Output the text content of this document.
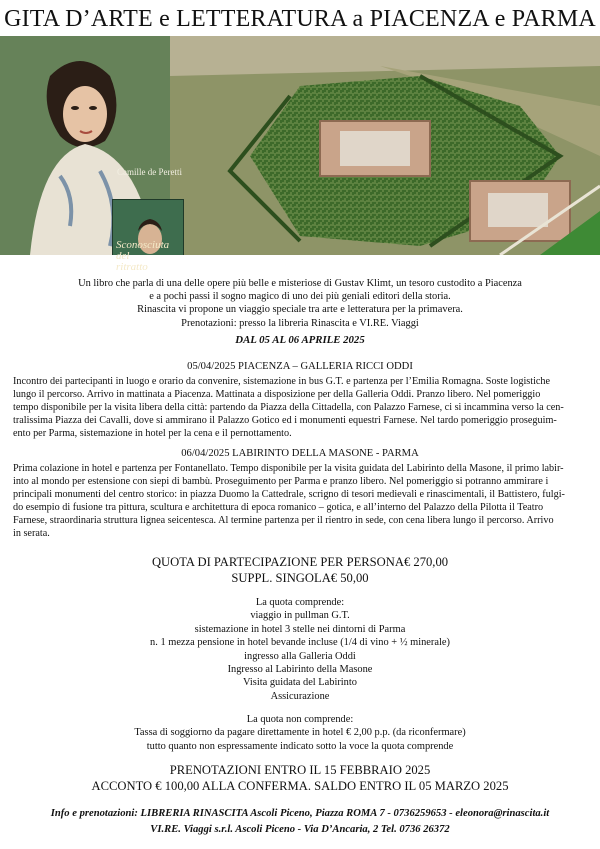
GITA D’ARTE e LETTERATURA a PIACENZA e PARMA
Camille de Peretti
Sconosciuta
del
ritratto
Un libro che parla di una delle opere più belle e misteriose di Gustav Klimt, un tesoro custodito a Piacenza
e a pochi passi il sogno magico di uno dei più geniali editori della storia.
Rinascita vi propone un viaggio speciale tra arte e letteratura per la primavera.
Prenotazioni: presso la libreria Rinascita e VI.RE. Viaggi
DAL 05 AL 06 APRILE 2025
05/04/2025 PIACENZA – GALLERIA RICCI ODDI
Incontro dei partecipanti in luogo e orario da convenire, sistemazione in bus G.T. e partenza per l’Emilia Romagna. Soste logistiche
lungo il percorso. Arrivo in mattinata a Piacenza. Mattinata a disposizione per della Galleria Oddi. Pranzo libero. Nel pomeriggio
tempo disponibile per la visita libera della città: partendo da Piazza della Cittadella, con Palazzo Farnese, ci si incammina verso la cen-
tralissima Piazza dei Cavalli, dove si ammirano il Palazzo Gotico ed i monumenti equestri Farnese. Nel tardo pomeriggio proseguim-
ento per Parma, sistemazione in hotel per la cena e il pernottamento.
06/04/2025 LABIRINTO DELLA MASONE - PARMA
Prima colazione in hotel e partenza per Fontanellato. Tempo disponibile per la visita guidata del Labirinto della Masone, il primo labir-
into al mondo per estensione con siepi di bambù. Proseguimento per Parma e pranzo libero. Nel pomeriggio si potranno ammirare i
principali monumenti del centro storico: in piazza Duomo la Cattedrale, scrigno di tesori medievali e rinascimentali, il Battistero, fulgi-
do esempio di fusione tra pittura, scultura e architettura di epoca romanico – gotica, e all’interno del Palazzo della Pilotta il Teatro
Farnese, straordinaria struttura lignea seicentesca. Al termine partenza per il rientro in sede, con cena libera lungo il percorso. Arrivo
in serata.
QUOTA DI PARTECIPAZIONE PER PERSONA€ 270,00
SUPPL. SINGOLA€ 50,00
La quota comprende:
viaggio in pullman G.T.
sistemazione in hotel 3 stelle nei dintorni di Parma
n. 1 mezza pensione in hotel bevande incluse (1/4 di vino + ½ minerale)
ingresso alla Galleria Oddi
Ingresso al Labirinto della Masone
Visita guidata del Labirinto
Assicurazione
La quota non comprende:
Tassa di soggiorno da pagare direttamente in hotel € 2,00 p.p. (da riconfermare)
tutto quanto non espressamente indicato sotto la voce la quota comprende
PRENOTAZIONI ENTRO IL 15 FEBBRAIO 2025
ACCONTO € 100,00 ALLA CONFERMA. SALDO ENTRO IL 05 MARZO 2025
Info e prenotazioni: LIBRERIA RINASCITA Ascoli Piceno, Piazza ROMA 7 - 0736259653 - eleonora@rinascita.it
VI.RE. Viaggi s.r.l. Ascoli Piceno - Via D’Ancaria, 2 Tel. 0736 26372
